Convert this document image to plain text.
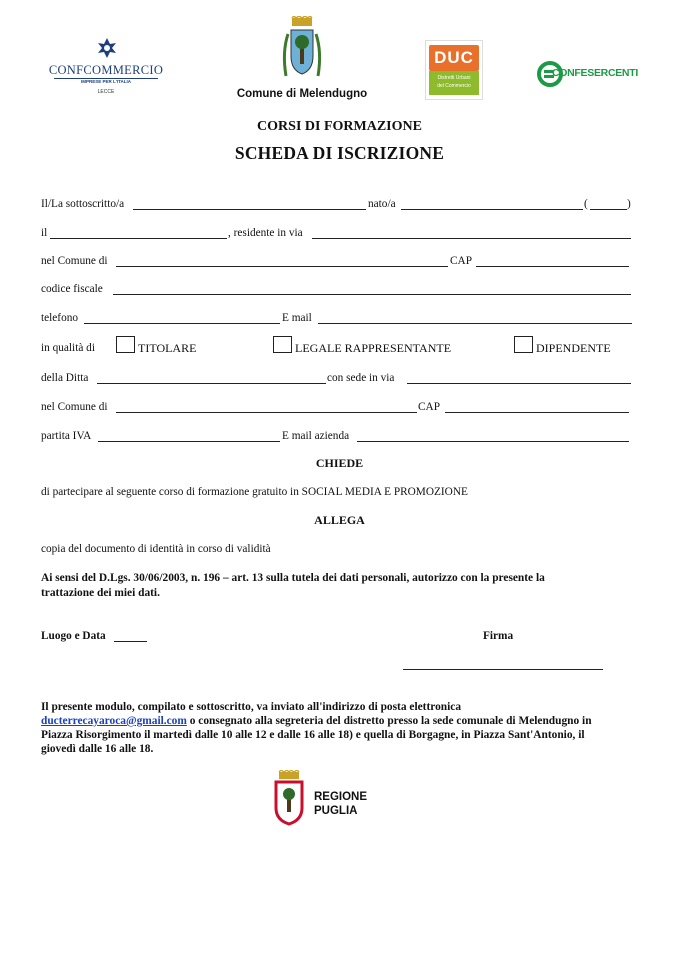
CONFCOMMERCIO
IMPRESE PER L'ITALIA
LECCE	Comune di Melendugno
DUC
Distretti Urbani
del Commercio
CONFESERCENTI
CORSI DI FORMAZIONE
SCHEDA DI ISCRIZIONE
Il/La sottoscritto/a	nato/a	(	)
il	, residente in via
nel Comune di	CAP
codice fiscale
telefono	E mail
in qualità di	TITOLARE	LEGALE RAPPRESENTANTE	DIPENDENTE
della Ditta	con sede in via
nel Comune di	CAP
partita IVA	E mail azienda
CHIEDE
di partecipare al seguente corso di formazione gratuito in SOCIAL MEDIA E PROMOZIONE
ALLEGA
copia del documento di identità in corso di validità
Ai sensi del D.Lgs. 30/06/2003, n. 196 – art. 13 sulla tutela dei dati personali, autorizzo con la presente la
trattazione dei miei dati.
Luogo e Data	Firma
Il presente modulo, compilato e sottoscritto, va inviato all'indirizzo di posta elettronica
ducterrecayaroca@gmail.com o consegnato alla segreteria del distretto presso la sede comunale di Melendugno in
Piazza Risorgimento il martedì dalle 10 alle 12 e dalle 16 alle 18) e quella di Borgagne, in Piazza Sant'Antonio, il
giovedì dalle 16 alle 18.
REGIONE
PUGLIA
